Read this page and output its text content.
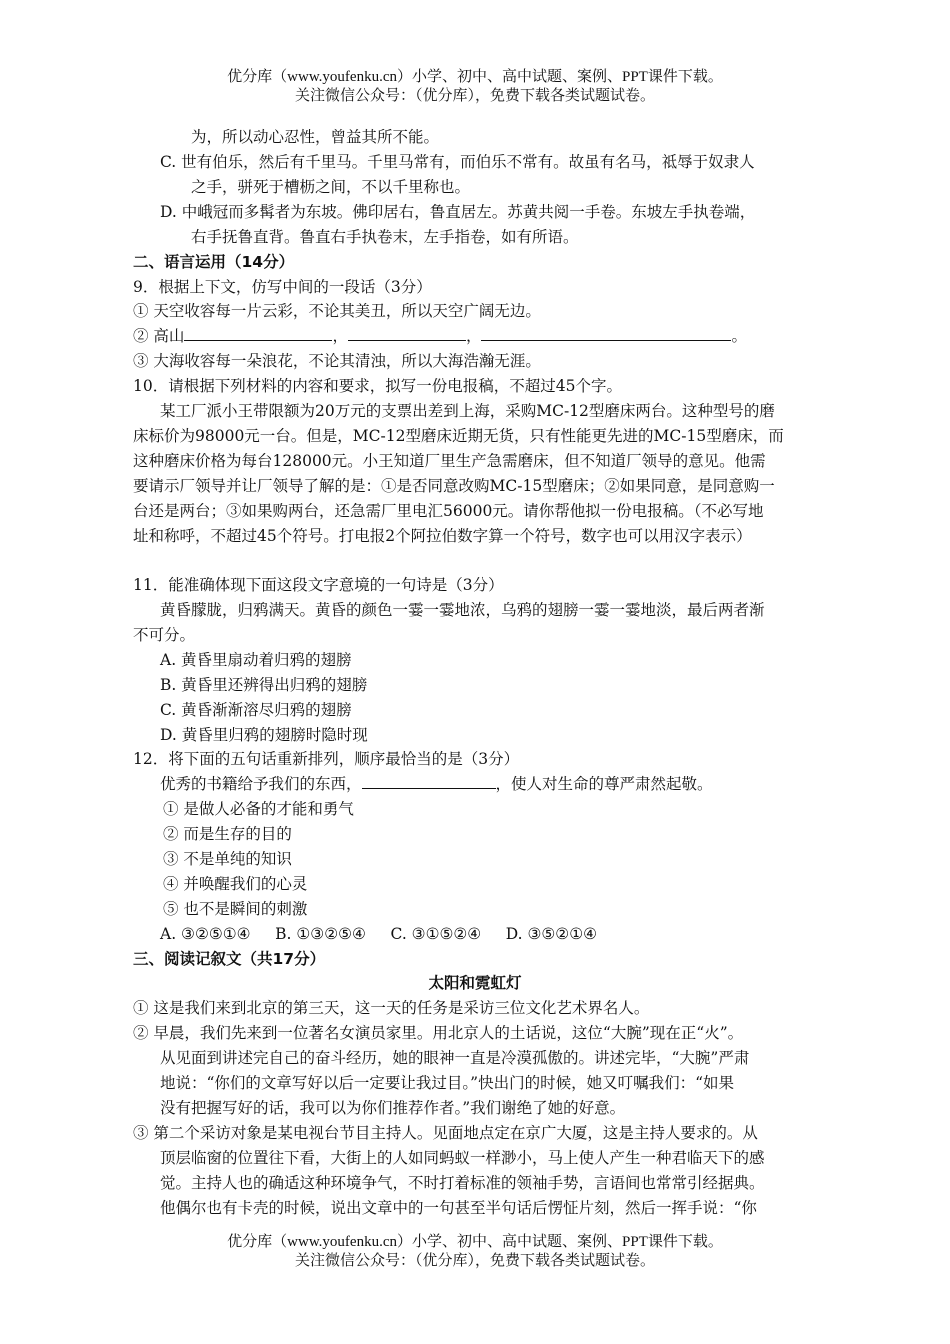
优分库（www.youfenku.cn）小学、初中、高中试题、案例、PPT课件下载。
关注微信公众号：（优分库），免费下载各类试题试卷。
为，所以动心忍性，曾益其所不能。
C. 世有伯乐，然后有千里马。千里马常有，而伯乐不常有。故虽有名马，祗辱于奴隶人
之手，骈死于槽枥之间，不以千里称也。
D. 中峨冠而多髯者为东坡。佛印居右，鲁直居左。苏黄共阅一手卷。东坡左手执卷端，
右手抚鲁直背。鲁直右手执卷末，左手指卷，如有所语。
二、语言运用（14分）
9．根据上下文，仿写中间的一段话（3分）
① 天空收容每一片云彩，不论其美丑，所以天空广阔无边。
② 高山	，	，	。
③ 大海收容每一朵浪花，不论其清浊，所以大海浩瀚无涯。
10．请根据下列材料的内容和要求，拟写一份电报稿，不超过45个字。
某工厂派小王带限额为20万元的支票出差到上海，采购MC-12型磨床两台。这种型号的磨
床标价为98000元一台。但是，MC-12型磨床近期无货，只有性能更先进的MC-15型磨床，而
这种磨床价格为每台128000元。小王知道厂里生产急需磨床，但不知道厂领导的意见。他需
要请示厂领导并让厂领导了解的是：①是否同意改购MC-15型磨床；②如果同意，是同意购一
台还是两台；③如果购两台，还急需厂里电汇56000元。请你帮他拟一份电报稿。（不必写地
址和称呼，不超过45个符号。打电报2个阿拉伯数字算一个符号，数字也可以用汉字表示）
11．能准确体现下面这段文字意境的一句诗是（3分）
黄昏朦胧，归鸦满天。黄昏的颜色一霎一霎地浓，乌鸦的翅膀一霎一霎地淡，最后两者渐
不可分。
A. 黄昏里扇动着归鸦的翅膀
B. 黄昏里还辨得出归鸦的翅膀
C. 黄昏渐渐溶尽归鸦的翅膀
D. 黄昏里归鸦的翅膀时隐时现
12．将下面的五句话重新排列，顺序最恰当的是（3分）
优秀的书籍给予我们的东西，	，使人对生命的尊严肃然起敬。
① 是做人必备的才能和勇气
② 而是生存的目的
③ 不是单纯的知识
④ 并唤醒我们的心灵
⑤ 也不是瞬间的刺激
A. ③②⑤①④     B. ①③②⑤④     C. ③①⑤②④     D. ③⑤②①④
三、阅读记叙文（共17分）
太阳和霓虹灯
① 这是我们来到北京的第三天，这一天的任务是采访三位文化艺术界名人。
② 早晨，我们先来到一位著名女演员家里。用北京人的土话说，这位“大腕”现在正“火”。
从见面到讲述完自己的奋斗经历，她的眼神一直是冷漠孤傲的。讲述完毕，“大腕”严肃
地说：“你们的文章写好以后一定要让我过目。”快出门的时候，她又叮嘱我们：“如果
没有把握写好的话，我可以为你们推荐作者。”我们谢绝了她的好意。
③ 第二个采访对象是某电视台节目主持人。见面地点定在京广大厦，这是主持人要求的。从
顶层临窗的位置往下看，大街上的人如同蚂蚁一样渺小，马上使人产生一种君临天下的感
觉。主持人也的确适这种环境争气，不时打着标准的领袖手势，言语间也常常引经据典。
他偶尔也有卡壳的时候，说出文章中的一句甚至半句话后愣怔片刻，然后一挥手说：“你
优分库（www.youfenku.cn）小学、初中、高中试题、案例、PPT课件下载。
关注微信公众号：（优分库），免费下载各类试题试卷。
